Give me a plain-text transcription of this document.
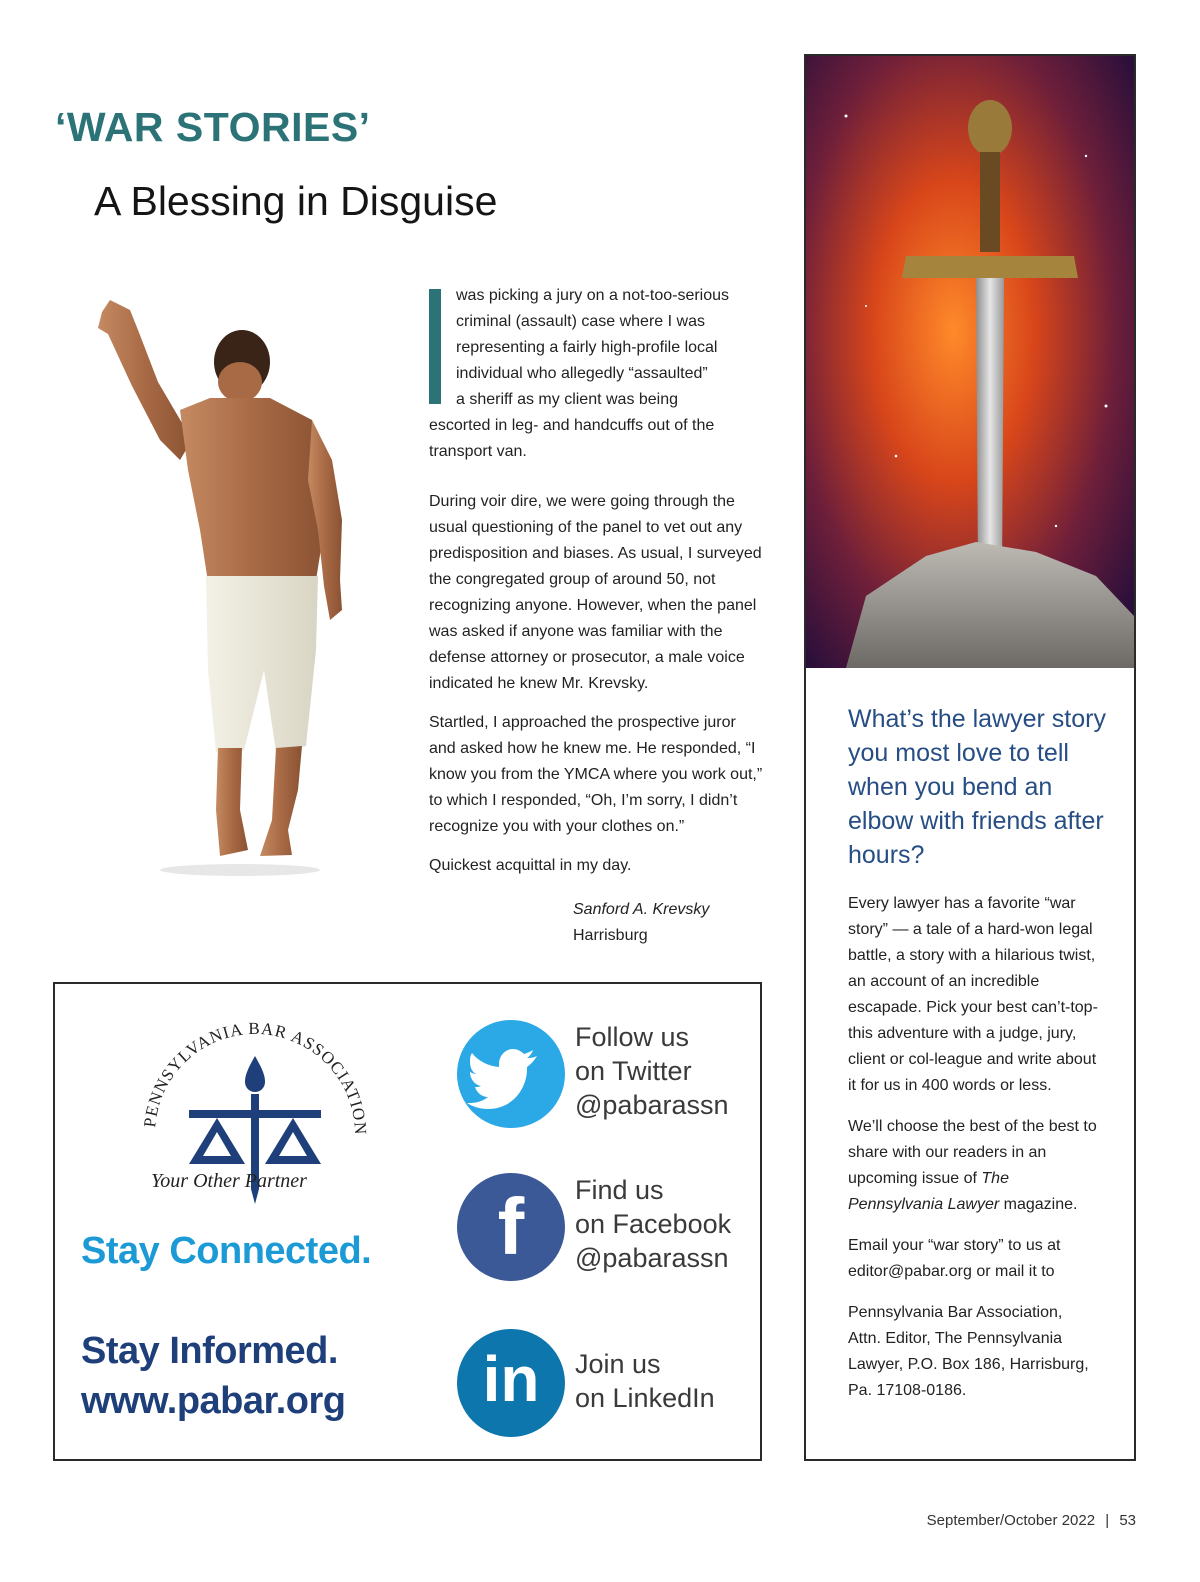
‘WAR STORIES’
A Blessing in Disguise

was picking a jury on a not-too-serious
criminal (assault) case where I was
representing a fairly high-profile local
individual who allegedly “assaulted”
a sheriff as my client was being
escorted in leg- and handcuffs out of the transport van.

During voir dire, we were going through the usual questioning of the panel to vet out any predisposition and biases. As usual, I surveyed the congregated group of around 50, not recognizing anyone. However, when the panel was asked if anyone was familiar with the defense attorney or prosecutor, a male voice indicated he knew Mr. Krevsky.

Startled, I approached the prospective juror and asked how he knew me. He responded, “I know you from the YMCA where you work out,” to which I responded, “Oh, I’m sorry, I didn’t recognize you with your clothes on.”

Quickest acquittal in my day.

Sanford A. Krevsky
Harrisburg
What’s the lawyer story you most love to tell when you bend an elbow with friends after hours?

Every lawyer has a favorite “war story” — a tale of a hard-won legal battle, a story with a hilarious twist, an account of an incredible escapade. Pick your best can’t-top-this adventure with a judge, jury, client or col-league and write about it for us in 400 words or less.

We’ll choose the best of the best to share with our readers in an upcoming issue of The Pennsylvania Lawyer magazine.

Email your “war story” to us at editor@pabar.org or mail it to

Pennsylvania Bar Association, Attn. Editor, The Pennsylvania Lawyer, P.O. Box 186, Harrisburg, Pa. 17108-0186.

PENNSYLVANIA BAR ASSOCIATION
Your Other Partner
Stay Connected.
Stay Informed.
www.pabar.org
Follow us
on Twitter
@pabarassn
f	Find us
on Facebook
@pabarassn
in	Join us
on LinkedIn
September/October 2022 | 53
